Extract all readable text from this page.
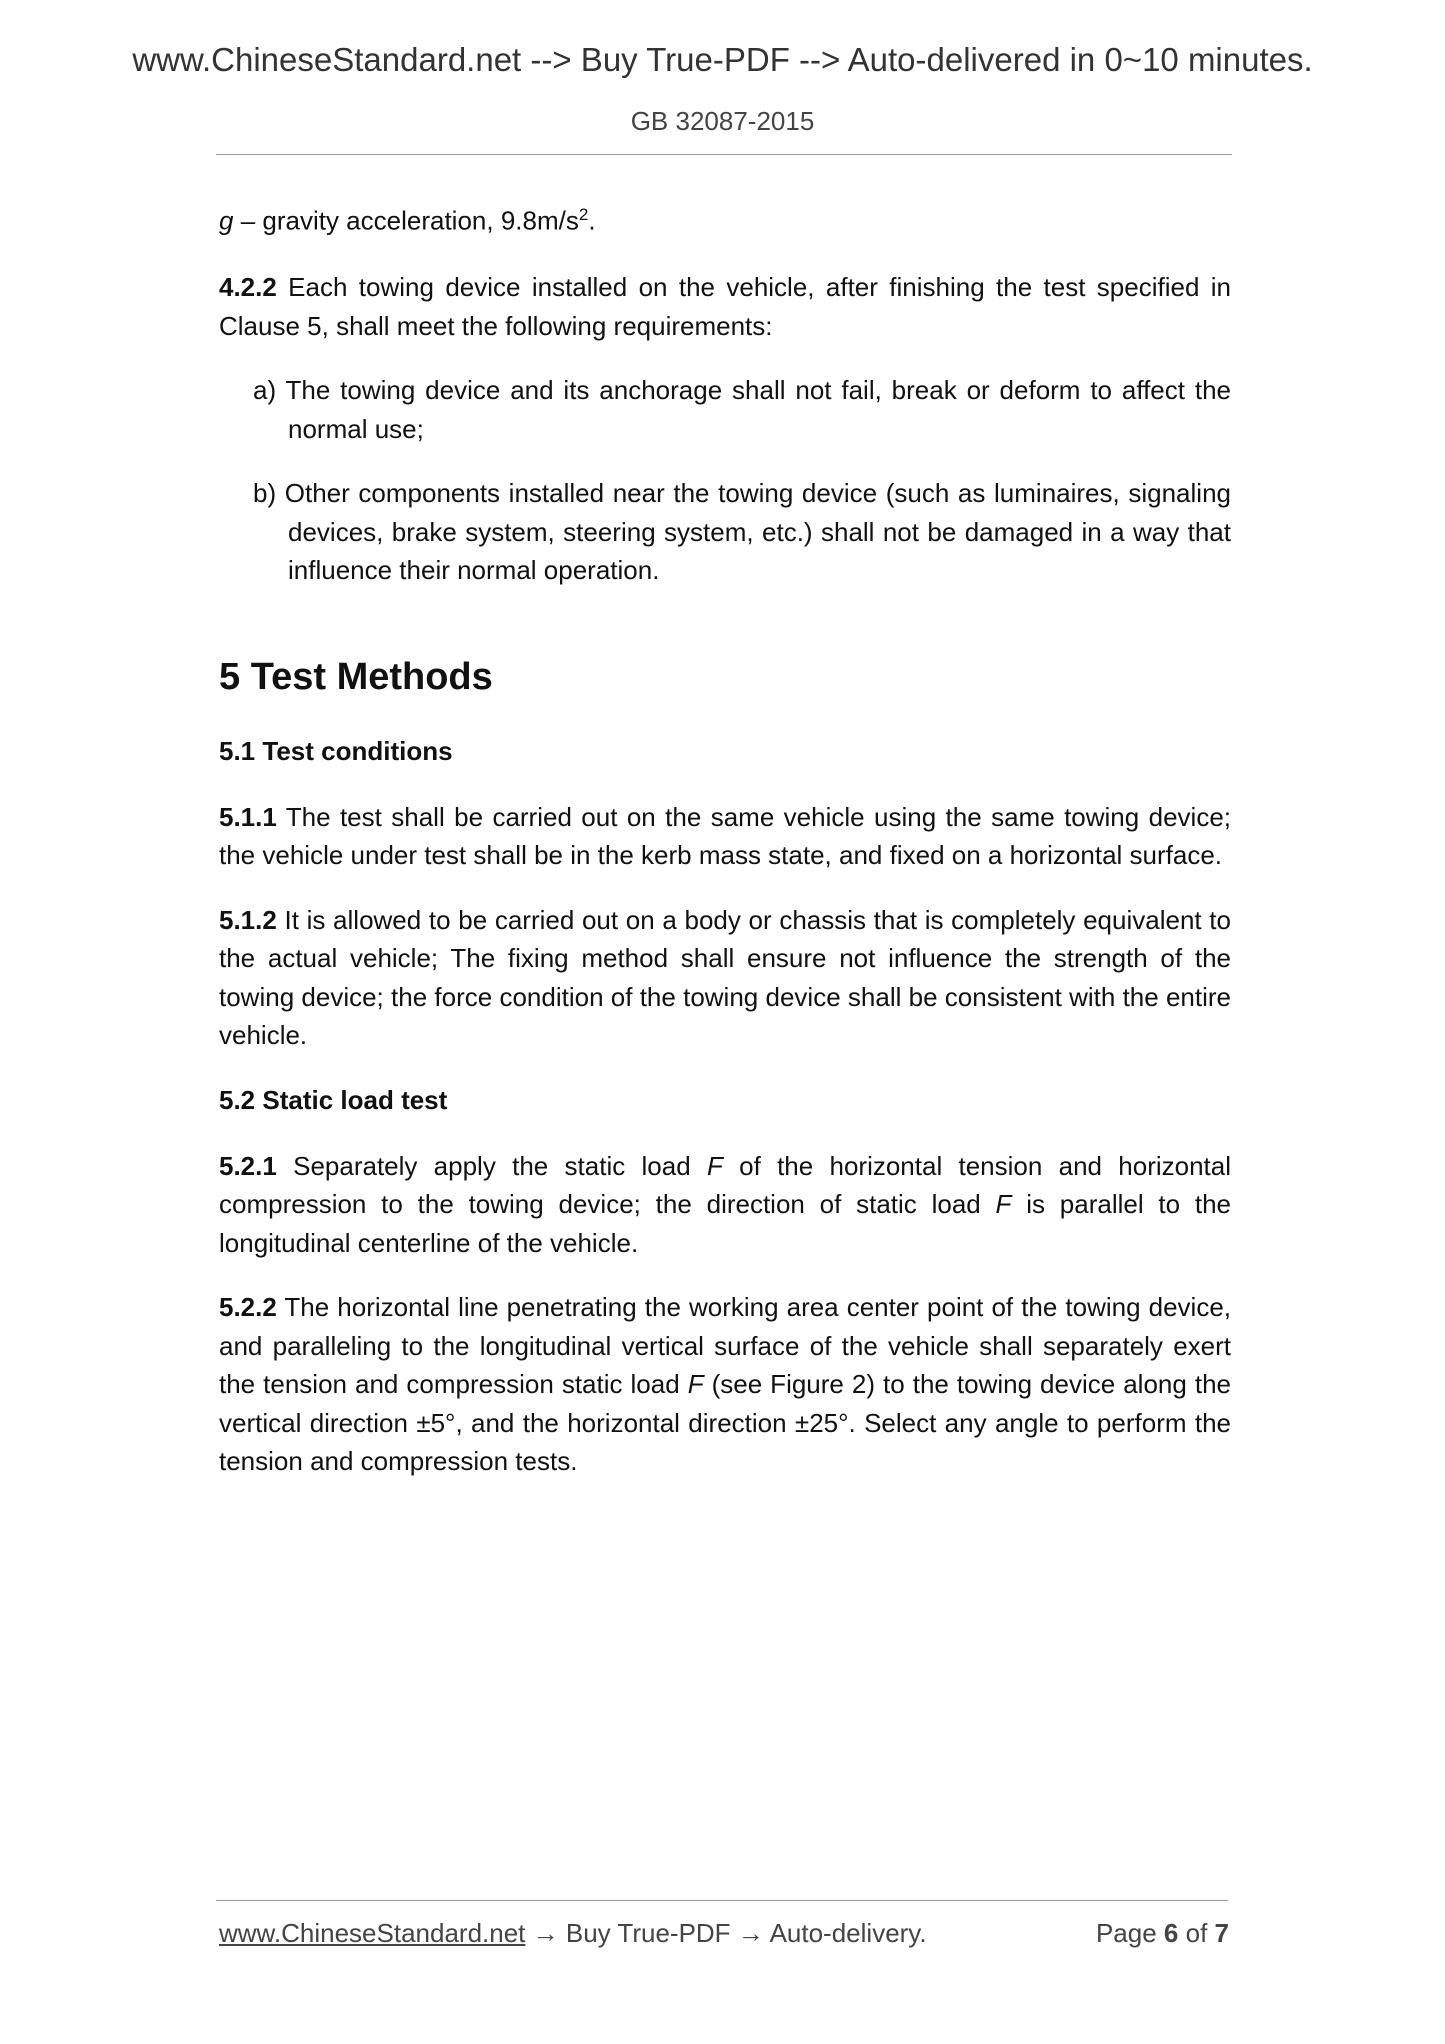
www.ChineseStandard.net --> Buy True-PDF --> Auto-delivered in 0~10 minutes.
GB 32087-2015

g – gravity acceleration, $9.8m/s^2$.

4.2.2 Each towing device installed on the vehicle, after finishing the test specified in Clause 5, shall meet the following requirements:

a) The towing device and its anchorage shall not fail, break or deform to affect the normal use;

b) Other components installed near the towing device (such as luminaires, signaling devices, brake system, steering system, etc.) shall not be damaged in a way that influence their normal operation.

5 Test Methods
5.1 Test conditions

5.1.1 The test shall be carried out on the same vehicle using the same towing device; the vehicle under test shall be in the kerb mass state, and fixed on a horizontal surface.

5.1.2 It is allowed to be carried out on a body or chassis that is completely equivalent to the actual vehicle; The fixing method shall ensure not influence the strength of the towing device; the force condition of the towing device shall be consistent with the entire vehicle.

5.2 Static load test

5.2.1 Separately apply the static load F of the horizontal tension and horizontal compression to the towing device; the direction of static load F is parallel to the longitudinal centerline of the vehicle.

5.2.2 The horizontal line penetrating the working area center point of the towing device, and paralleling to the longitudinal vertical surface of the vehicle shall separately exert the tension and compression static load F (see Figure 2) to the towing device along the vertical direction ±5°, and the horizontal direction ±25°. Select any angle to perform the tension and compression tests.

www.ChineseStandard.net → Buy True-PDF → Auto-delivery.	Page 6 of 7
